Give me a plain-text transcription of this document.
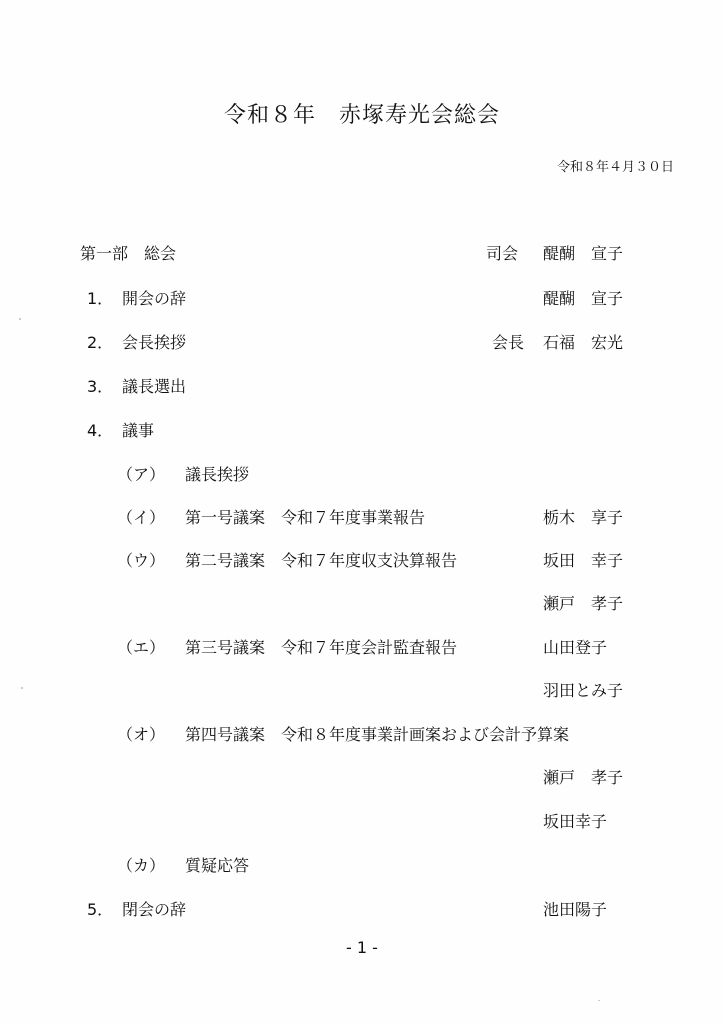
令和８年　赤塚寿光会総会
令和８年４月３０日
第一部　総会	司会 醍醐　宣子
1． 開会の辞	醍醐　宣子
2． 会長挨拶	会長 石福　宏光
3． 議長選出
4． 議事
（ア） 議長挨拶
（イ） 第一号議案　令和７年度事業報告	栃木　享子
（ウ） 第二号議案　令和７年度収支決算報告	坂田　幸子
瀬戸　孝子
（エ） 第三号議案　令和７年度会計監査報告	山田登子
羽田とみ子
（オ） 第四号議案　令和８年度事業計画案および会計予算案
瀬戸　孝子
坂田幸子
（カ） 質疑応答
5． 閉会の辞	池田陽子
- 1 -
